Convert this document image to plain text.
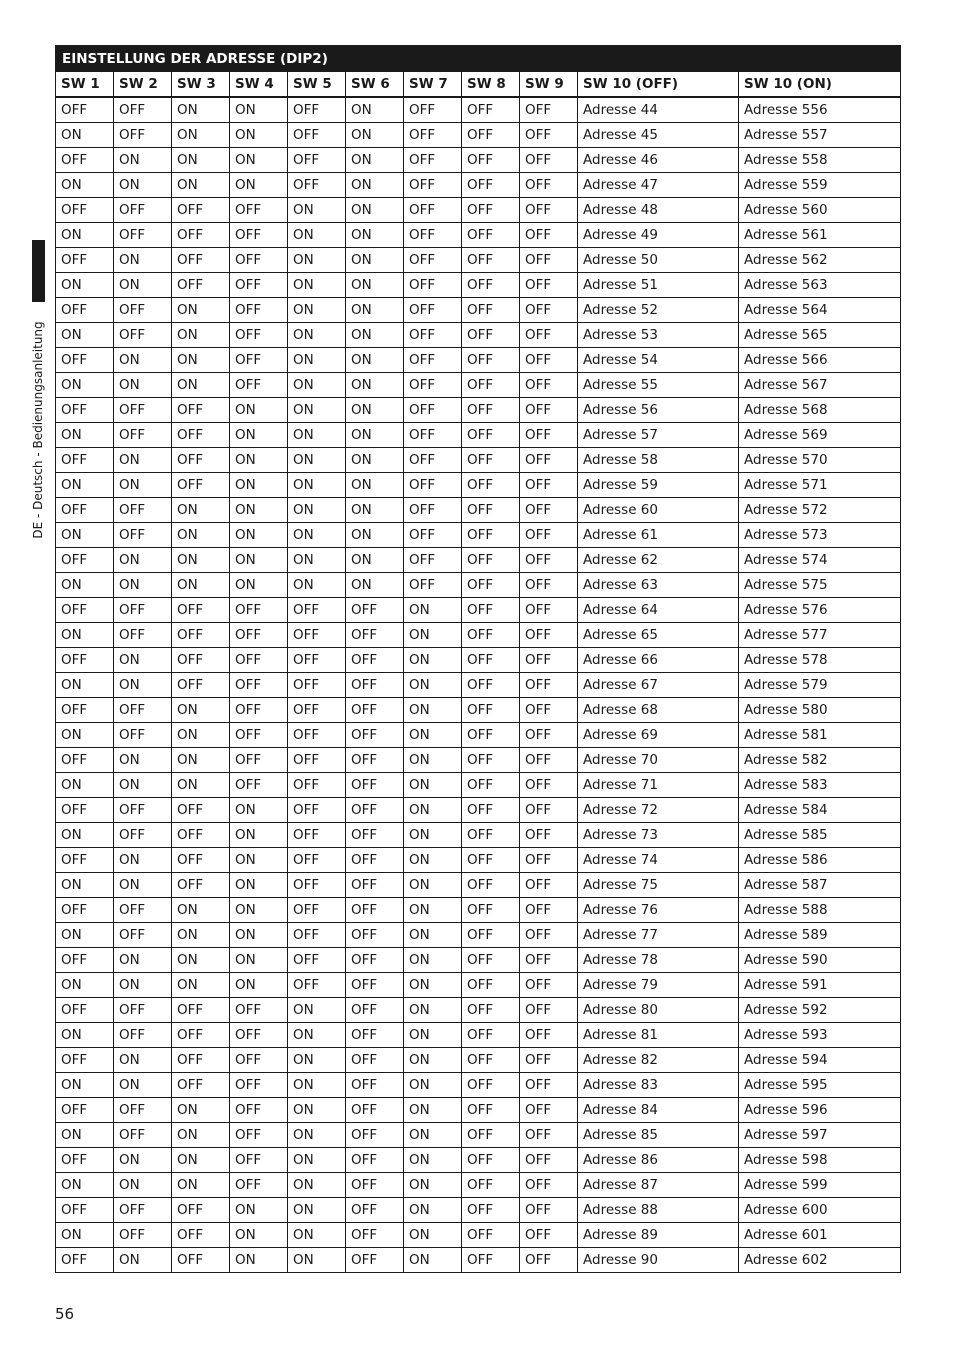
DE - Deutsch - Bedienungsanleitung
EINSTELLUNG DER ADRESSE (DIP2)										
SW 1	SW 2	SW 3	SW 4	SW 5	SW 6	SW 7	SW 8	SW 9	SW 10 (OFF)	SW 10 (ON)
OFF	OFF	ON	ON	OFF	ON	OFF	OFF	OFF	Adresse 44	Adresse 556
ON	OFF	ON	ON	OFF	ON	OFF	OFF	OFF	Adresse 45	Adresse 557
OFF	ON	ON	ON	OFF	ON	OFF	OFF	OFF	Adresse 46	Adresse 558
ON	ON	ON	ON	OFF	ON	OFF	OFF	OFF	Adresse 47	Adresse 559
OFF	OFF	OFF	OFF	ON	ON	OFF	OFF	OFF	Adresse 48	Adresse 560
ON	OFF	OFF	OFF	ON	ON	OFF	OFF	OFF	Adresse 49	Adresse 561
OFF	ON	OFF	OFF	ON	ON	OFF	OFF	OFF	Adresse 50	Adresse 562
ON	ON	OFF	OFF	ON	ON	OFF	OFF	OFF	Adresse 51	Adresse 563
OFF	OFF	ON	OFF	ON	ON	OFF	OFF	OFF	Adresse 52	Adresse 564
ON	OFF	ON	OFF	ON	ON	OFF	OFF	OFF	Adresse 53	Adresse 565
OFF	ON	ON	OFF	ON	ON	OFF	OFF	OFF	Adresse 54	Adresse 566
ON	ON	ON	OFF	ON	ON	OFF	OFF	OFF	Adresse 55	Adresse 567
OFF	OFF	OFF	ON	ON	ON	OFF	OFF	OFF	Adresse 56	Adresse 568
ON	OFF	OFF	ON	ON	ON	OFF	OFF	OFF	Adresse 57	Adresse 569
OFF	ON	OFF	ON	ON	ON	OFF	OFF	OFF	Adresse 58	Adresse 570
ON	ON	OFF	ON	ON	ON	OFF	OFF	OFF	Adresse 59	Adresse 571
OFF	OFF	ON	ON	ON	ON	OFF	OFF	OFF	Adresse 60	Adresse 572
ON	OFF	ON	ON	ON	ON	OFF	OFF	OFF	Adresse 61	Adresse 573
OFF	ON	ON	ON	ON	ON	OFF	OFF	OFF	Adresse 62	Adresse 574
ON	ON	ON	ON	ON	ON	OFF	OFF	OFF	Adresse 63	Adresse 575
OFF	OFF	OFF	OFF	OFF	OFF	ON	OFF	OFF	Adresse 64	Adresse 576
ON	OFF	OFF	OFF	OFF	OFF	ON	OFF	OFF	Adresse 65	Adresse 577
OFF	ON	OFF	OFF	OFF	OFF	ON	OFF	OFF	Adresse 66	Adresse 578
ON	ON	OFF	OFF	OFF	OFF	ON	OFF	OFF	Adresse 67	Adresse 579
OFF	OFF	ON	OFF	OFF	OFF	ON	OFF	OFF	Adresse 68	Adresse 580
ON	OFF	ON	OFF	OFF	OFF	ON	OFF	OFF	Adresse 69	Adresse 581
OFF	ON	ON	OFF	OFF	OFF	ON	OFF	OFF	Adresse 70	Adresse 582
ON	ON	ON	OFF	OFF	OFF	ON	OFF	OFF	Adresse 71	Adresse 583
OFF	OFF	OFF	ON	OFF	OFF	ON	OFF	OFF	Adresse 72	Adresse 584
ON	OFF	OFF	ON	OFF	OFF	ON	OFF	OFF	Adresse 73	Adresse 585
OFF	ON	OFF	ON	OFF	OFF	ON	OFF	OFF	Adresse 74	Adresse 586
ON	ON	OFF	ON	OFF	OFF	ON	OFF	OFF	Adresse 75	Adresse 587
OFF	OFF	ON	ON	OFF	OFF	ON	OFF	OFF	Adresse 76	Adresse 588
ON	OFF	ON	ON	OFF	OFF	ON	OFF	OFF	Adresse 77	Adresse 589
OFF	ON	ON	ON	OFF	OFF	ON	OFF	OFF	Adresse 78	Adresse 590
ON	ON	ON	ON	OFF	OFF	ON	OFF	OFF	Adresse 79	Adresse 591
OFF	OFF	OFF	OFF	ON	OFF	ON	OFF	OFF	Adresse 80	Adresse 592
ON	OFF	OFF	OFF	ON	OFF	ON	OFF	OFF	Adresse 81	Adresse 593
OFF	ON	OFF	OFF	ON	OFF	ON	OFF	OFF	Adresse 82	Adresse 594
ON	ON	OFF	OFF	ON	OFF	ON	OFF	OFF	Adresse 83	Adresse 595
OFF	OFF	ON	OFF	ON	OFF	ON	OFF	OFF	Adresse 84	Adresse 596
ON	OFF	ON	OFF	ON	OFF	ON	OFF	OFF	Adresse 85	Adresse 597
OFF	ON	ON	OFF	ON	OFF	ON	OFF	OFF	Adresse 86	Adresse 598
ON	ON	ON	OFF	ON	OFF	ON	OFF	OFF	Adresse 87	Adresse 599
OFF	OFF	OFF	ON	ON	OFF	ON	OFF	OFF	Adresse 88	Adresse 600
ON	OFF	OFF	ON	ON	OFF	ON	OFF	OFF	Adresse 89	Adresse 601
OFF	ON	OFF	ON	ON	OFF	ON	OFF	OFF	Adresse 90	Adresse 602
56
